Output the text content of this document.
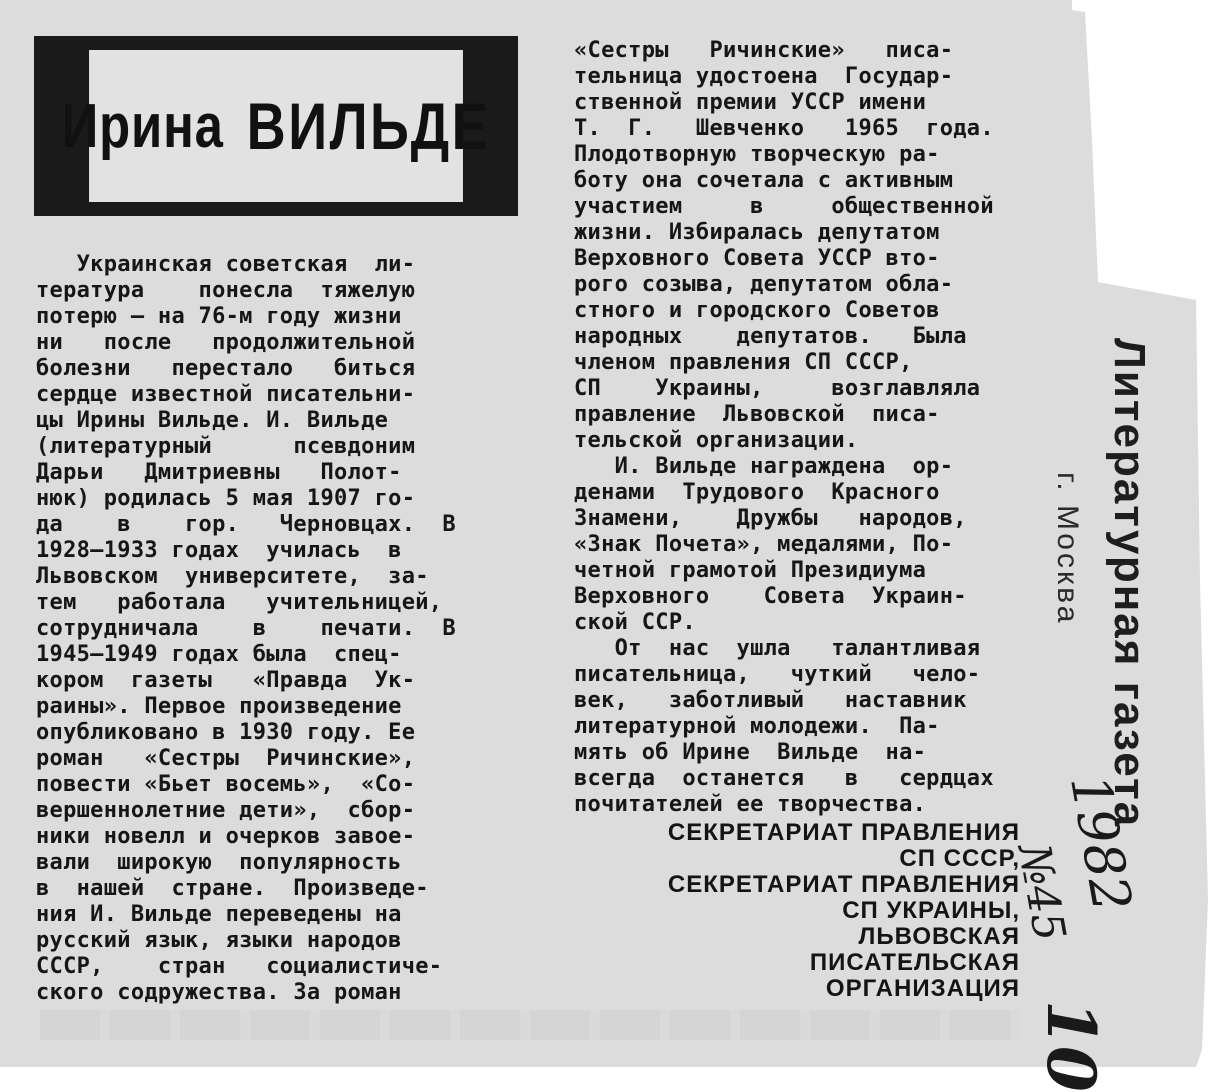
Ирина ВИЛЬДЕ
Украинская советская  ли-
тература    понесла  тяжелую
потерю — на 76-м году жизни
ни   после   продолжительной
болезни   перестало   биться
сердце известной писательни-
цы Ирины Вильде. И. Вильде
(литературный      псевдоним
Дарьи   Дмитриевны   Полот-
нюк) родилась 5 мая 1907 го-
да    в    гор.   Черновцах.  В
1928—1933 годах  училась  в
Львовском  университете,  за-
тем   работала   учительницей,
сотрудничала    в    печати.  В
1945—1949 годах была  спец-
кором  газеты   «Правда  Ук-
раины». Первое произведение
опубликовано в 1930 году. Ее
роман   «Сестры  Ричинские»,
повести «Бьет восемь»,  «Со-
вершеннолетние дети»,  сбор-
ники новелл и очерков завое-
вали  широкую  популярность
в  нашей  стране.  Произведе-
ния И. Вильде переведены на
русский язык, языки народов
СССР,    стран   социалистиче-
ского содружества. За роман
«Сестры   Ричинские»   писа-
тельница удостоена  Государ-
ственной премии УССР имени
Т.  Г.   Шевченко   1965  года.
Плодотворную творческую ра-
боту она сочетала с активным
участием     в     общественной
жизни. Избиралась депутатом
Верховного Совета УССР вто-
рого созыва, депутатом обла-
стного и городского Советов
народных    депутатов.   Была
членом правления СП СССР,
СП    Украины,     возглавляла
правление  Львовской  писа-
тельской организации.
И. Вильде награждена  ор-
денами  Трудового  Красного
Знамени,    Дружбы   народов,
«Знак Почета», медалями, По-
четной грамотой Президиума
Верховного    Совета  Украин-
ской ССР.
От  нас  ушла   талантливая
писательница,   чуткий   чело-
век,   заботливый   наставник
литературной молодежи.  Па-
мять об Ирине  Вильде  на-
всегда  останется   в   сердцах
почитателей ее творчества.
СЕКРЕТАРИАТ ПРАВЛЕНИЯ
СП СССР,
СЕКРЕТАРИАТ ПРАВЛЕНИЯ
СП УКРАИНЫ,
ЛЬВОВСКАЯ
ПИСАТЕЛЬСКАЯ
ОРГАНИЗАЦИЯ
Литературная газета
г. Москва
1982
№45
10
